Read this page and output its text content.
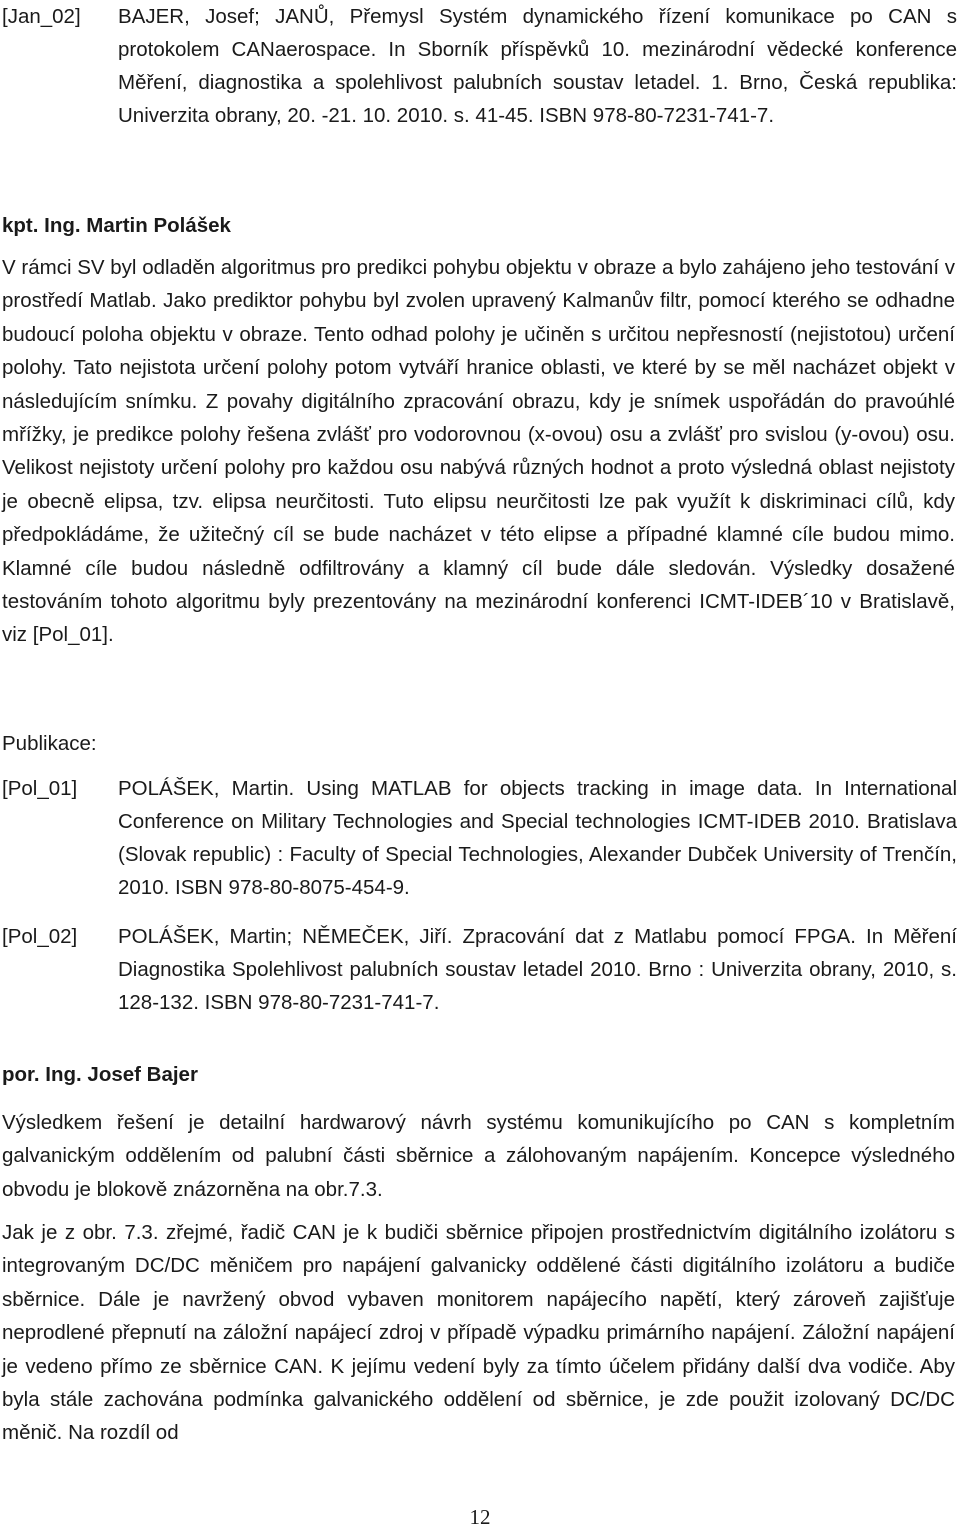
[Jan_02]	BAJER, Josef; JANŮ, Přemysl Systém dynamického řízení komunikace po CAN s protokolem CANaerospace. In Sborník příspěvků 10. mezinárodní vědecké konference Měření, diagnostika a spolehlivost palubních soustav letadel. 1. Brno, Česká republika: Univerzita obrany, 20. -21. 10. 2010. s. 41-45. ISBN 978-80-7231-741-7.
kpt. Ing. Martin Polášek

V rámci SV byl odladěn algoritmus pro predikci pohybu objektu v obraze a bylo zahájeno jeho testování v prostředí Matlab. Jako prediktor pohybu byl zvolen upravený Kalmanův filtr, pomocí kterého se odhadne budoucí poloha objektu v obraze. Tento odhad polohy je učiněn s určitou nepřesností (nejistotou) určení polohy. Tato nejistota určení polohy potom vytváří hranice oblasti, ve které by se měl nacházet objekt v následujícím snímku. Z povahy digitálního zpracování obrazu, kdy je snímek uspořádán do pravoúhlé mřížky, je predikce polohy řešena zvlášť pro vodorovnou (x-ovou) osu a zvlášť pro svislou (y-ovou) osu. Velikost nejistoty určení polohy pro každou osu nabývá různých hodnot a proto výsledná oblast nejistoty je obecně elipsa, tzv. elipsa neurčitosti. Tuto elipsu neurčitosti lze pak využít k diskriminaci cílů, kdy předpokládáme, že užitečný cíl se bude nacházet v této elipse a případné klamné cíle budou mimo. Klamné cíle budou následně odfiltrovány a klamný cíl bude dále sledován. Výsledky dosažené testováním tohoto algoritmu byly prezentovány na mezinárodní konferenci ICMT-IDEB´10 v Bratislavě, viz [Pol_01].

Publikace:
[Pol_01]	POLÁŠEK, Martin. Using MATLAB for objects tracking in image data. In International Conference on Military Technologies and Special technologies ICMT-IDEB 2010. Bratislava (Slovak republic) : Faculty of Special Technologies, Alexander Dubček University of Trenčín, 2010. ISBN 978-80-8075-454-9.
[Pol_02]	POLÁŠEK, Martin; NĚMEČEK, Jiří. Zpracování dat z Matlabu pomocí FPGA. In Měření Diagnostika Spolehlivost palubních soustav letadel 2010. Brno : Univerzita obrany, 2010, s. 128-132. ISBN 978-80-7231-741-7.
por. Ing. Josef Bajer

Výsledkem řešení je detailní hardwarový návrh systému komunikujícího po CAN s kompletním galvanickým oddělením od palubní části sběrnice a zálohovaným napájením. Koncepce výsledného obvodu je blokově znázorněna na obr.7.3.

Jak je z obr. 7.3. zřejmé, řadič CAN je k budiči sběrnice připojen prostřednictvím digitálního izolátoru s integrovaným DC/DC měničem pro napájení galvanicky oddělené části digitálního izolátoru a budiče sběrnice. Dále je navržený obvod vybaven monitorem napájecího napětí, který zároveň zajišťuje neprodlené přepnutí na záložní napájecí zdroj v případě výpadku primárního napájení. Záložní napájení je vedeno přímo ze sběrnice CAN. K jejímu vedení byly za tímto účelem přidány další dva vodiče. Aby byla stále zachována podmínka galvanického oddělení od sběrnice, je zde použit izolovaný DC/DC měnič. Na rozdíl od

12
